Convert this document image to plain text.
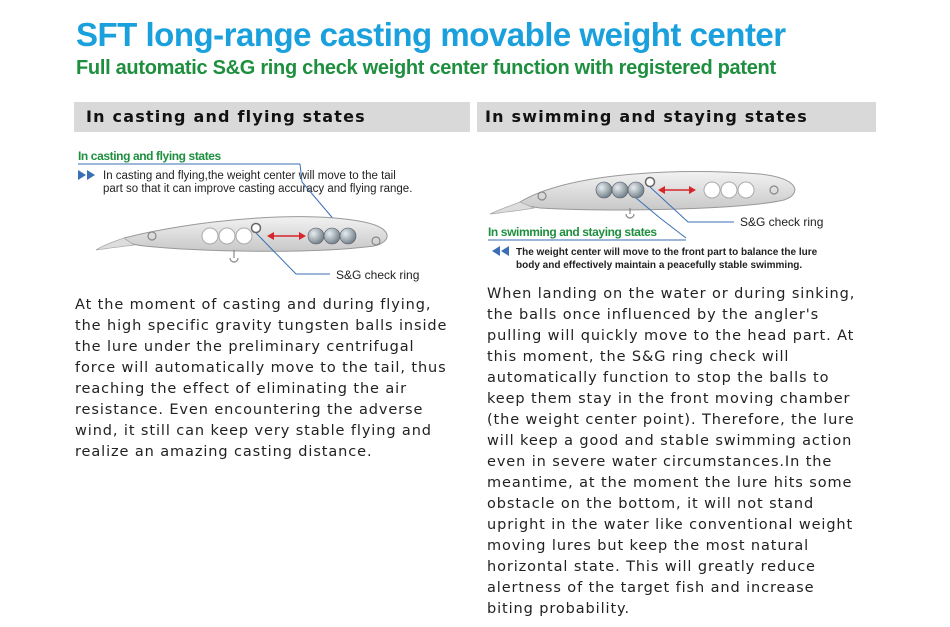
SFT long-range casting movable weight center
Full automatic S&G ring check weight center function with registered patent
In casting and flying states	In swimming and staying states
In casting and flying states
In casting and flying,the weight center will move to the tail
part so that it can improve casting accuracy and flying range.
S&G check ring
S&G check ring
In swimming and staying states
The weight center will move to the front part to balance the lure
body and effectively maintain a peacefully stable swimming.
At the moment of casting and during flying,
the high specific gravity tungsten balls inside
the lure under the preliminary centrifugal
force will automatically move to the tail, thus
reaching the effect of eliminating the air
resistance. Even encountering the adverse
wind, it still can keep very stable flying and
realize an amazing casting distance.
When landing on the water or during sinking,
the balls once influenced by the angler's
pulling will quickly move to the head part. At
this moment, the S&G ring check will
automatically function to stop the balls to
keep them stay in the front moving chamber
(the weight center point). Therefore, the lure
will keep a good and stable swimming action
even in severe water circumstances.In the
meantime, at the moment the lure hits some
obstacle on the bottom, it will not stand
upright in the water like conventional weight
moving lures but keep the most natural
horizontal state. This will greatly reduce
alertness of the target fish and increase
biting probability.
